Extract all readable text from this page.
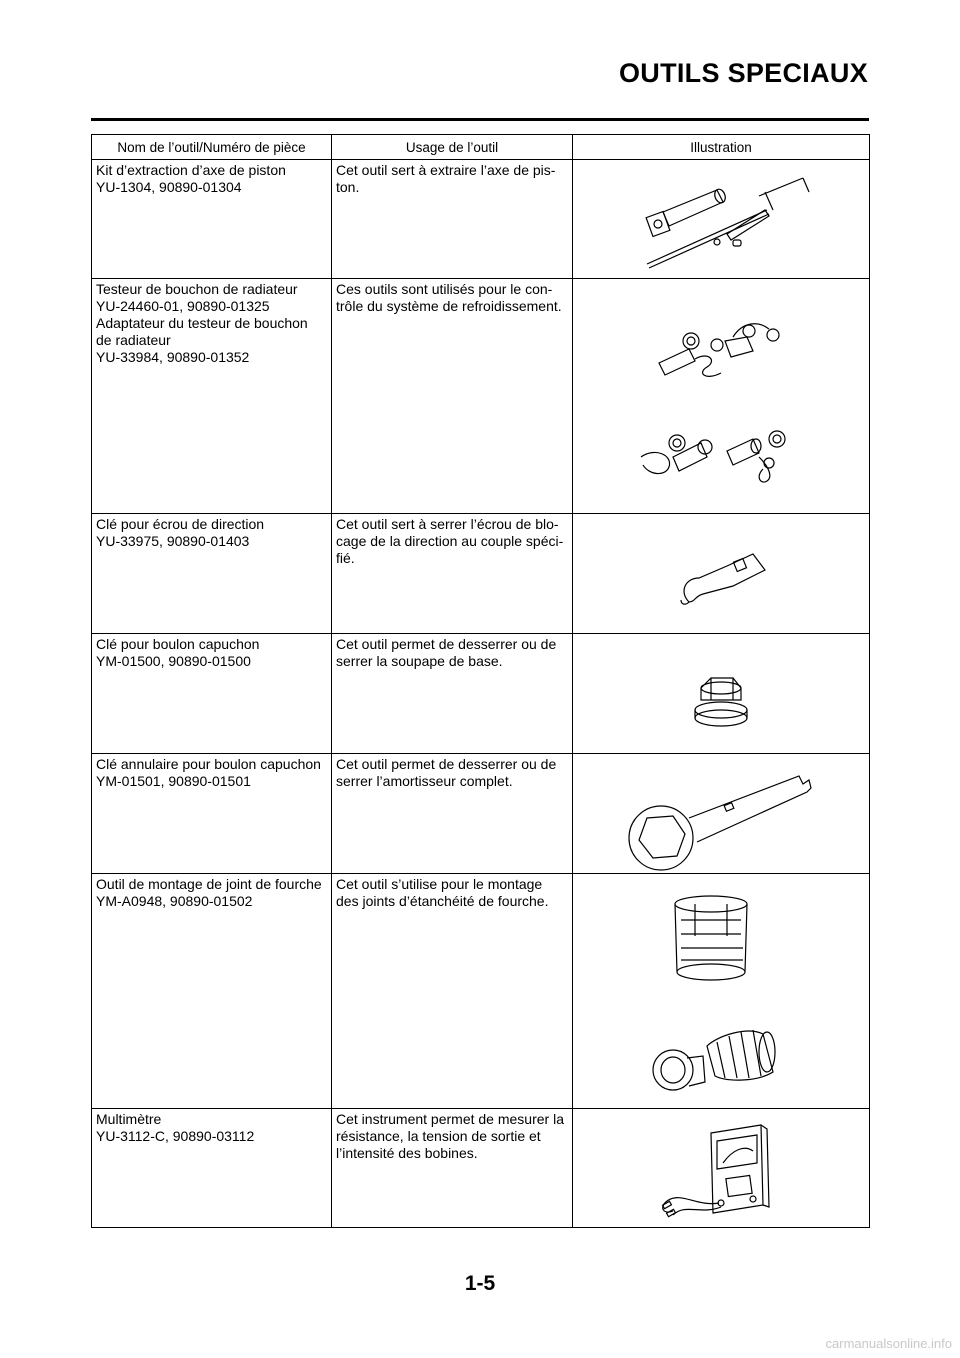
OUTILS SPECIAUX
Nom de l’outil/Numéro de pièce	Usage de l’outil	Illustration

Kit d’extraction d’axe de piston
YU-1304, 90890-01304	Cet outil sert à extraire l’axe de pis-ton.

Testeur de bouchon de radiateur
YU-24460-01, 90890-01325
Adaptateur du testeur de bouchon de radiateur
YU-33984, 90890-01352	Ces outils sont utilisés pour le con-trôle du système de refroidissement.

Clé pour écrou de direction
YU-33975, 90890-01403	Cet outil sert à serrer l’écrou de blo-cage de la direction au couple spéci-fié.

Clé pour boulon capuchon
YM-01500, 90890-01500	Cet outil permet de desserrer ou de serrer la soupape de base.

Clé annulaire pour boulon capuchon
YM-01501, 90890-01501	Cet outil permet de desserrer ou de serrer l’amortisseur complet.

Outil de montage de joint de fourche
YM-A0948, 90890-01502	Cet outil s’utilise pour le montage des joints d’étanchéité de fourche.

Multimètre
YU-3112-C, 90890-03112	Cet instrument permet de mesurer la résistance, la tension de sortie et l’intensité des bobines.

1-5
carmanualsonline.info
